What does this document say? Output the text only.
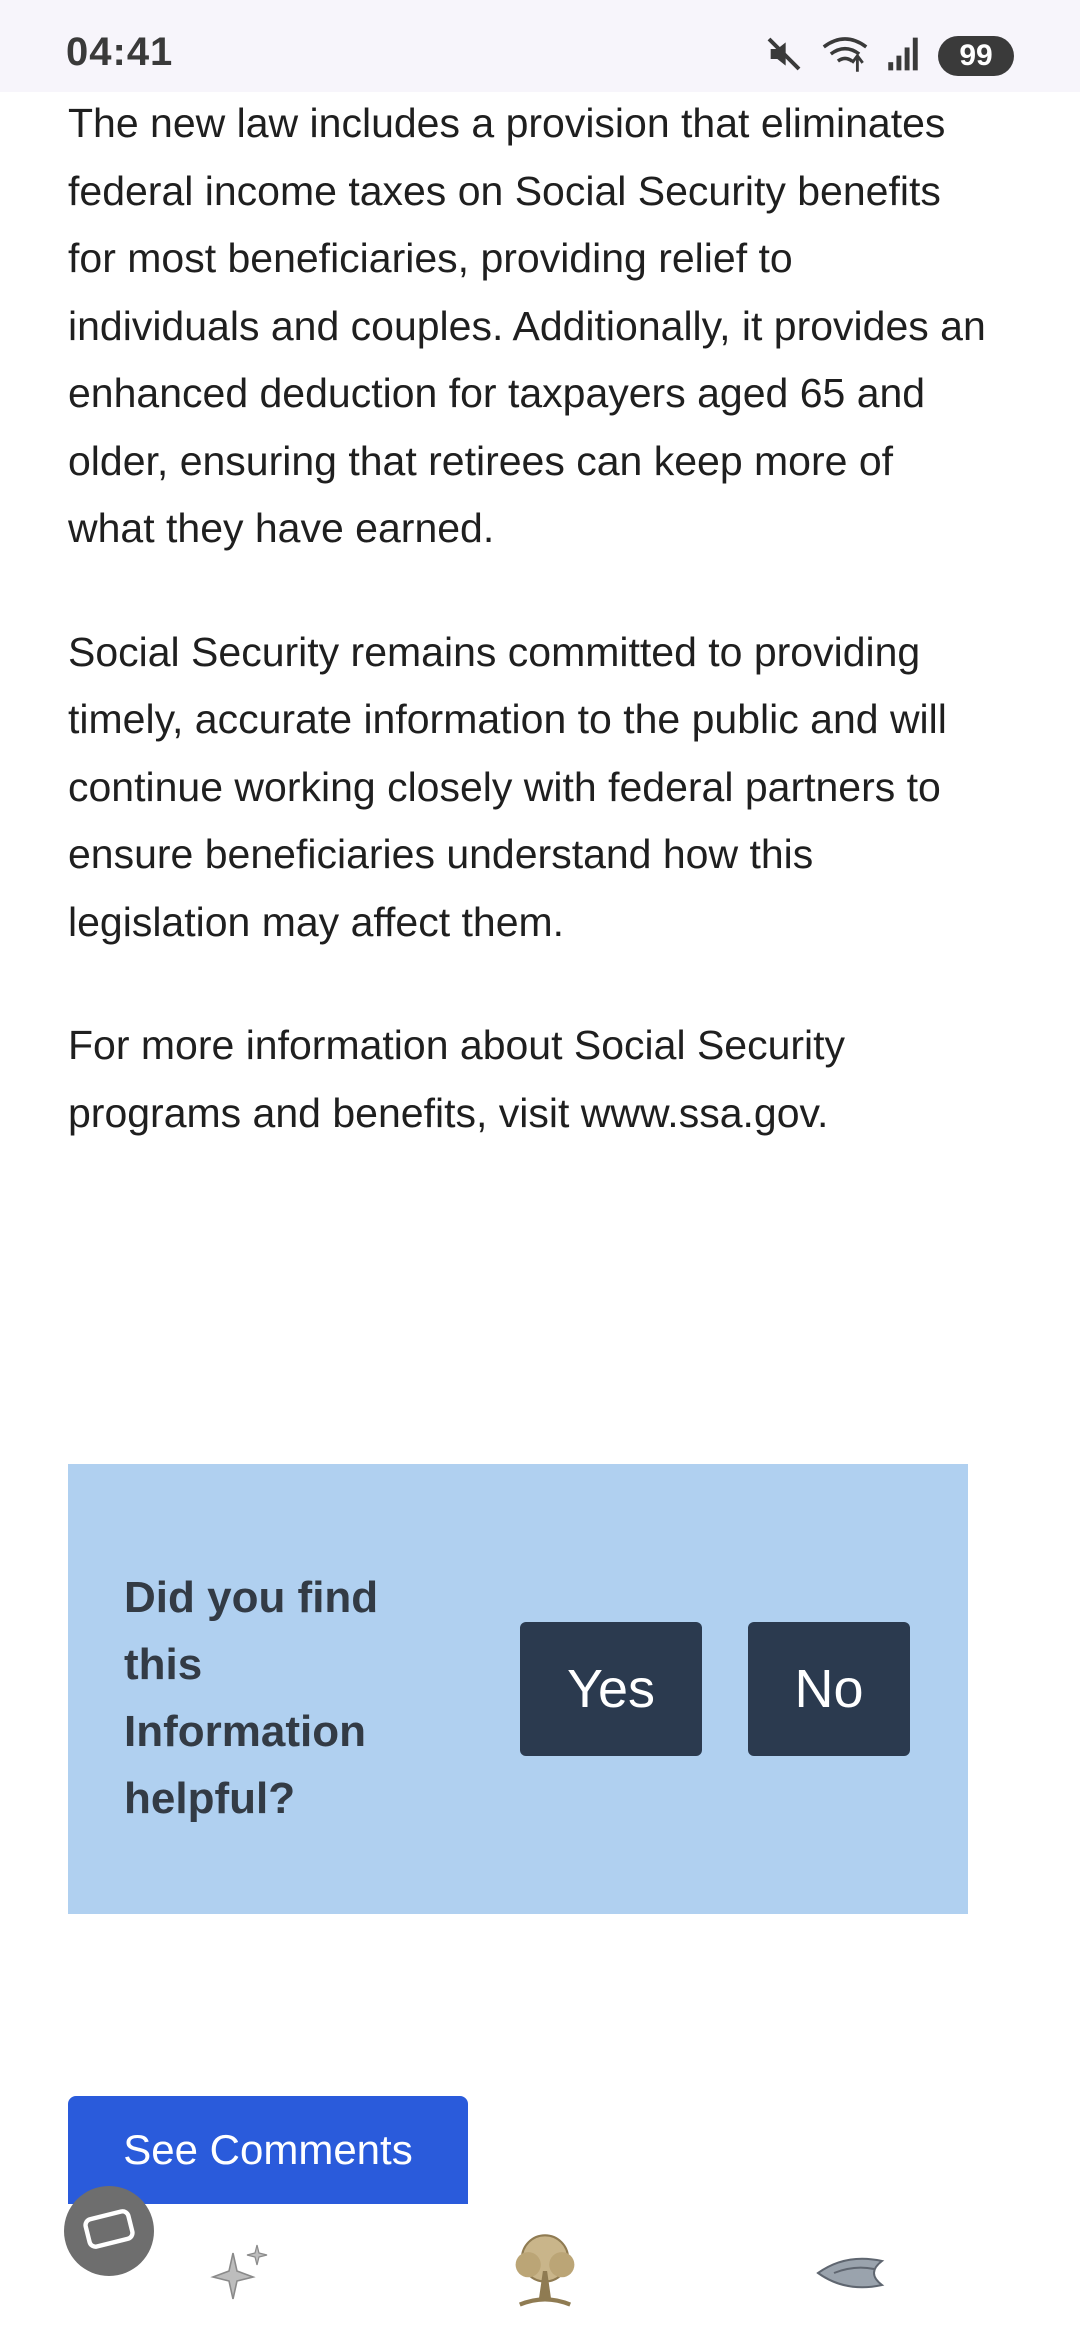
04:41	99

The new law includes a provision that eliminates federal income taxes on Social Security benefits for most beneficiaries, providing relief to individuals and couples. Additionally, it provides an enhanced deduction for taxpayers aged 65 and older, ensuring that retirees can keep more of what they have earned.

Social Security remains committed to providing timely, accurate information to the public and will continue working closely with federal partners to ensure beneficiaries understand how this legislation may affect them.

For more information about Social Security programs and benefits, visit www.ssa.gov.

Did you find this Information helpful?
Yes	No
See Comments
